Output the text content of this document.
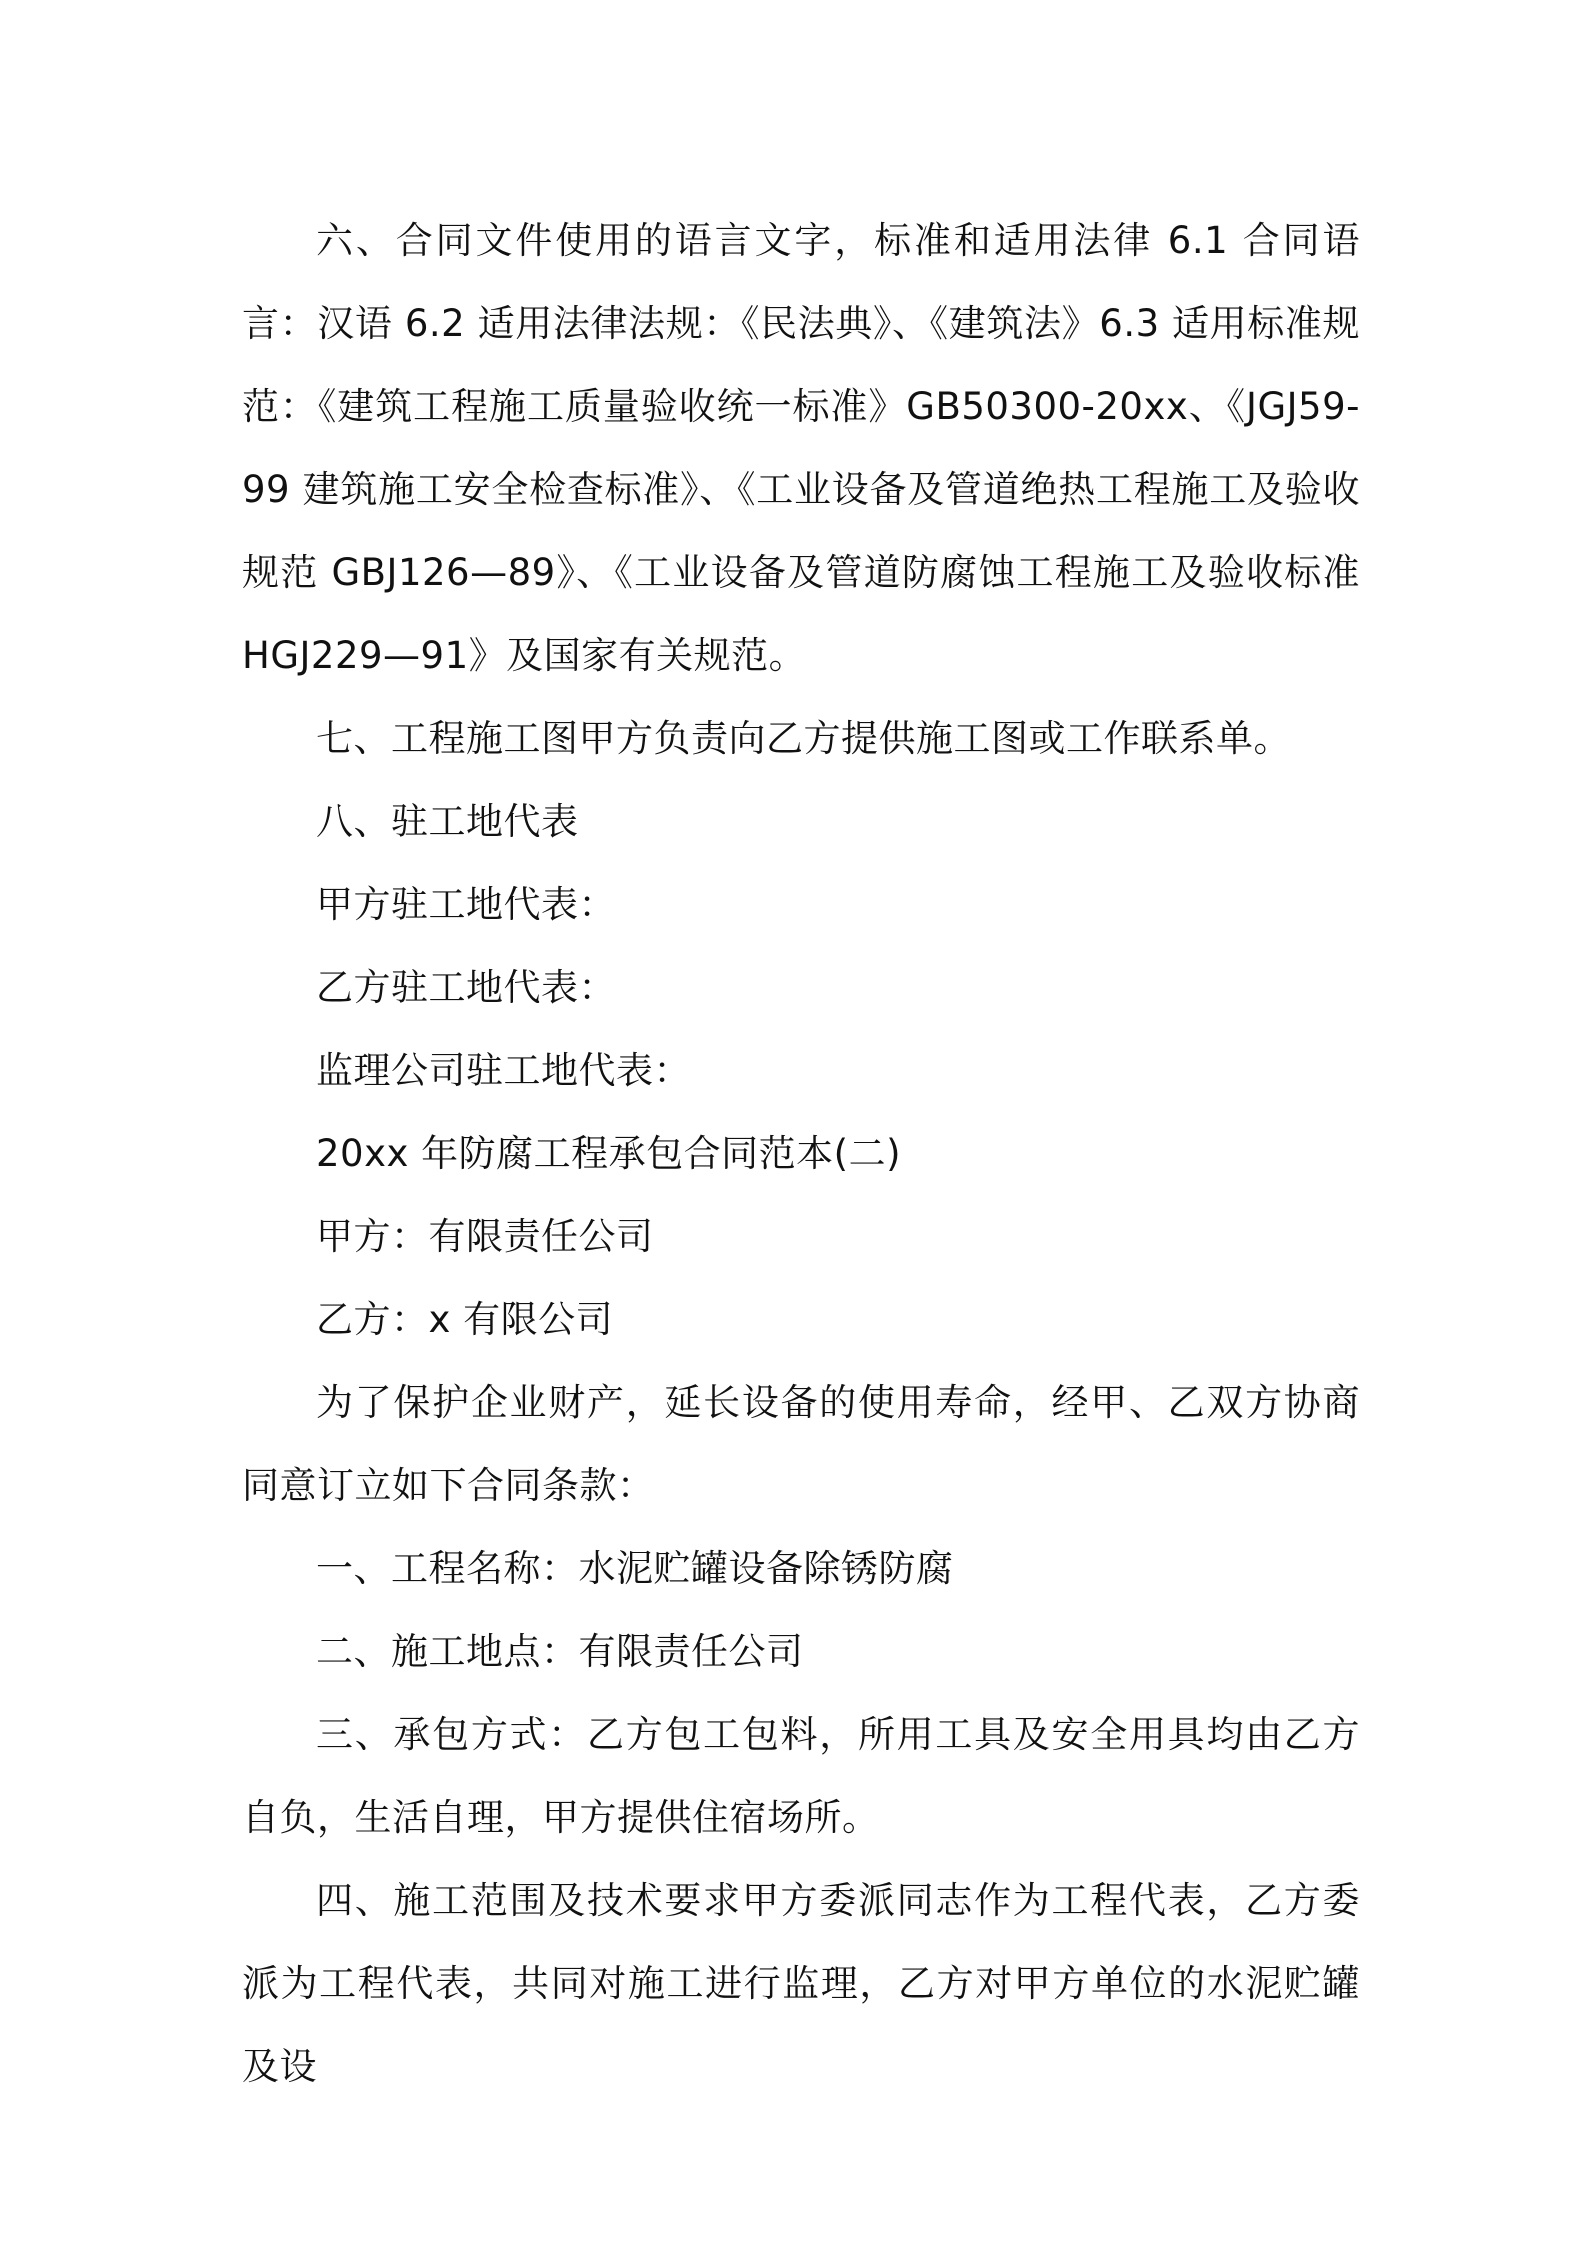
六、合同文件使用的语言文字，标准和适用法律 6.1 合同语言：汉语 6.2 适用法律法规：《民法典》、《建筑法》6.3 适用标准规范：《建筑工程施工质量验收统一标准》GB50300-20xx、《JGJ59-99 建筑施工安全检查标准》、《工业设备及管道绝热工程施工及验收规范 GBJ126—89》、《工业设备及管道防腐蚀工程施工及验收标准 HGJ229—91》及国家有关规范。

七、工程施工图甲方负责向乙方提供施工图或工作联系单。

八、驻工地代表

甲方驻工地代表：

乙方驻工地代表：

监理公司驻工地代表：

20xx 年防腐工程承包合同范本(二)

甲方：有限责任公司

乙方：x 有限公司

为了保护企业财产，延长设备的使用寿命，经甲、乙双方协商同意订立如下合同条款：

一、工程名称：水泥贮罐设备除锈防腐

二、施工地点：有限责任公司

三、承包方式：乙方包工包料，所用工具及安全用具均由乙方自负，生活自理，甲方提供住宿场所。

四、施工范围及技术要求甲方委派同志作为工程代表，乙方委派为工程代表，共同对施工进行监理，乙方对甲方单位的水泥贮罐及设
